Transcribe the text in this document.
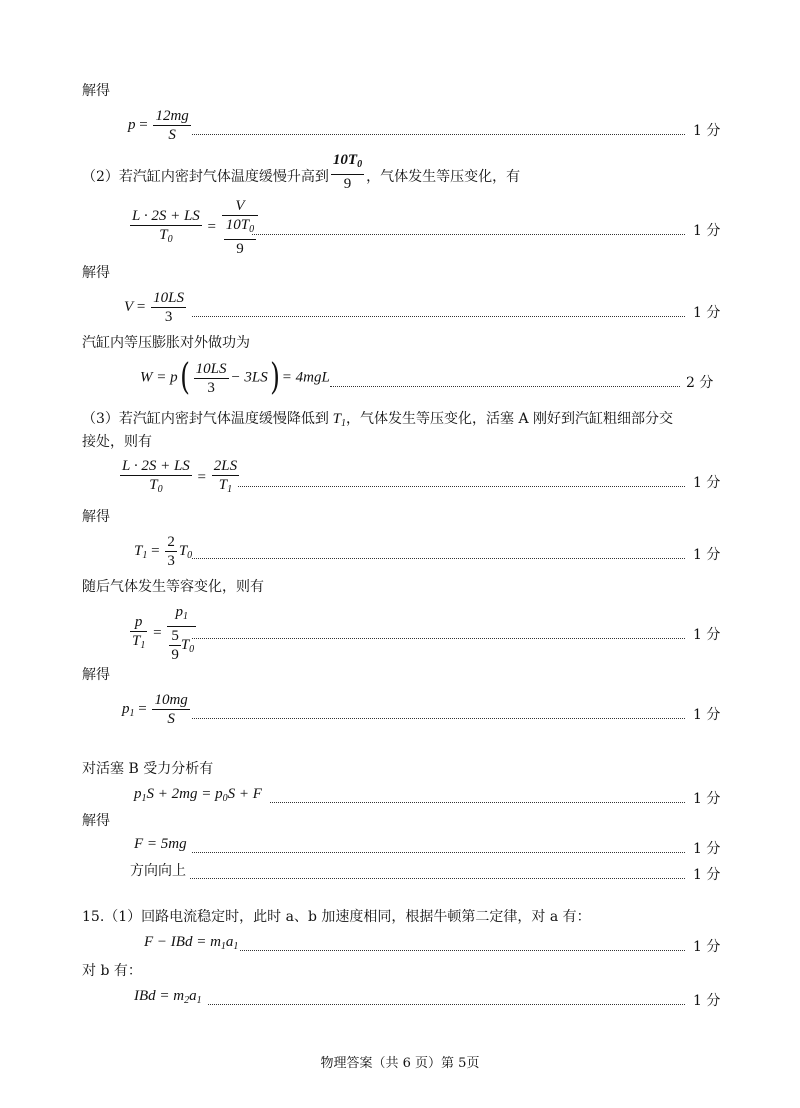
解得
$p = \frac{12mg}{S}$	1 分
（2）若汽缸内密封气体温度缓慢升高到 $\frac{10T_0}{9}$ ，气体发生等压变化，有
$\frac{L \cdot 2S + LS}{T_0} = \frac{V}{\frac{10T_0}{9}}$	1 分
解得
$V = \frac{10LS}{3}$	1 分
汽缸内等压膨胀对外做功为
$W = p( \frac{10LS}{3} - 3LS) = 4mgL$	2 分
（3）若汽缸内密封气体温度缓慢降低到 $T_1$，气体发生等压变化，活塞 A 刚好到汽缸粗细部分交
接处，则有
$\frac{L \cdot 2S + LS}{T_0} = \frac{2LS}{T_1}$	1 分
解得
$T_1 = \frac{2}{3} T_0$	1 分
随后气体发生等容变化，则有
$\frac{p}{T_1} = \frac{p_1}{\frac{5}{9} T_0}$	1 分
解得
$p_1 = \frac{10mg}{S}$	1 分
对活塞 B 受力分析有
$p_1S + 2mg = p_0S + F$	1 分
解得
F = 5mg	1 分
方向向上	1 分
15.（1）回路电流稳定时，此时 a、b 加速度相同，根据牛顿第二定律，对 a 有：
F − IBd = $m_1a_1$	1 分
对 b 有：
IBd = $m_2a_1$	1 分
物理答案（共 6 页）第 5页
